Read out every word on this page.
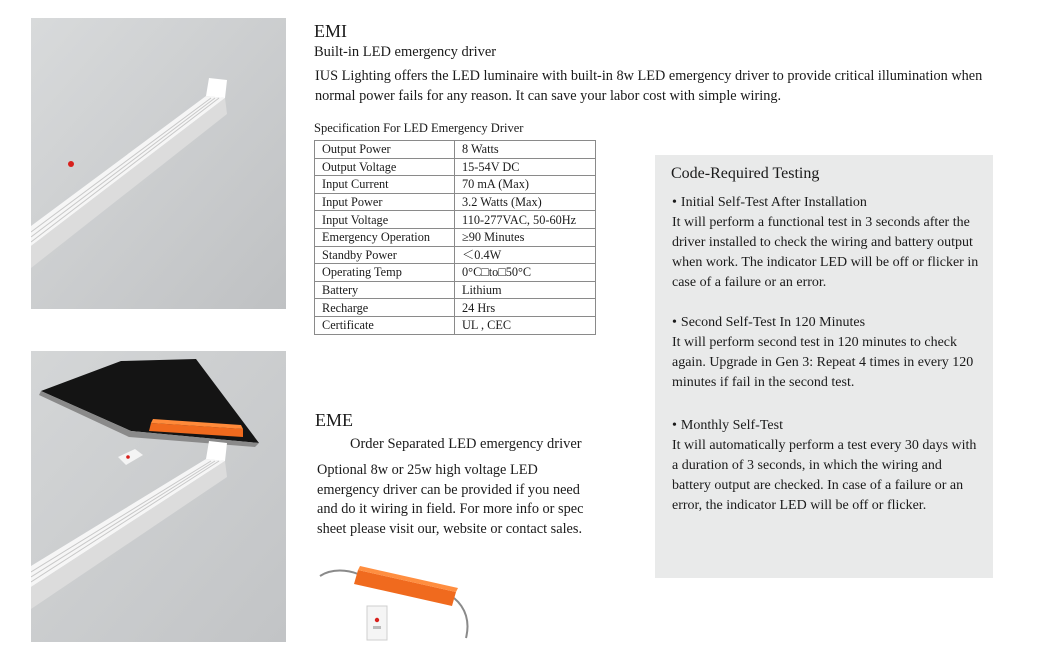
EMI
Built-in LED emergency driver
IUS Lighting offers the LED luminaire with built-in 8w LED emergency driver to provide critical illumination when normal power fails for any reason. It can save your labor cost with simple wiring.
Specification For LED Emergency Driver
Output Power	8 Watts
Output Voltage	15-54V DC
Input Current	70 mA (Max)
Input Power	3.2 Watts (Max)
Input Voltage	110-277VAC, 50-60Hz
Emergency Operation	≥90 Minutes
Standby Power	＜0.4W
Operating Temp	0°C□to□50°C
Battery	Lithium
Recharge	24 Hrs
Certificate	UL , CEC
EME
Order Separated LED emergency driver
Optional 8w or 25w high voltage LED emergency driver can be provided if you need and do it wiring in field. For more info or spec sheet please visit our, website or contact sales.
Code-Required Testing
• Initial Self-Test After Installation
It will perform a functional test in 3 seconds after the driver installed to check the wiring and battery output when work. The indicator LED will be off or flicker in case of a failure or an error.
• Second Self-Test In 120 Minutes
It will perform second test in 120 minutes to check again. Upgrade in Gen 3: Repeat 4 times in every 120 minutes if fail in the second test.
• Monthly Self-Test
It will automatically perform a test every 30 days with a duration of 3 seconds, in which the wiring and battery output are checked. In case of a failure or an error, the indicator LED will be off or flicker.
